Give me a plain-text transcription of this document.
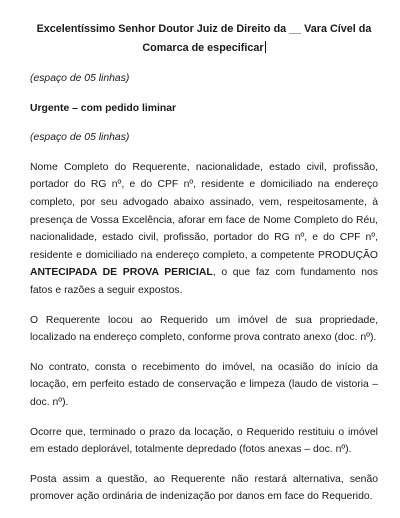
Excelentíssimo Senhor Doutor Juiz de Direito da __ Vara Cível da Comarca de especificar
(espaço de 05 linhas)
Urgente – com pedido liminar
(espaço de 05 linhas)
Nome Completo do Requerente, nacionalidade, estado civil, profissão, portador do RG nº, e do CPF nº, residente e domiciliado na endereço completo, por seu advogado abaixo assinado, vem, respeitosamente, à presença de Vossa Excelência, aforar em face de Nome Completo do Réu, nacionalidade, estado civil, profissão, portador do RG nº, e do CPF nº, residente e domiciliado na endereço completo, a competente PRODUÇÃO ANTECIPADA DE PROVA PERICIAL, o que faz com fundamento nos fatos e razões a seguir expostos.
O Requerente locou ao Requerido um imóvel de sua propriedade, localizado na endereço completo, conforme prova contrato anexo (doc. nº).
No contrato, consta o recebimento do imóvel, na ocasião do início da locação, em perfeito estado de conservação e limpeza (laudo de vistoria – doc. nº).
Ocorre que, terminado o prazo da locação, o Requerido restituiu o imóvel em estado deplorável, totalmente depredado (fotos anexas – doc. nº).
Posta assim a questão, ao Requerente não restará alternativa, senão promover ação ordinária de indenização por danos em face do Requerido.
